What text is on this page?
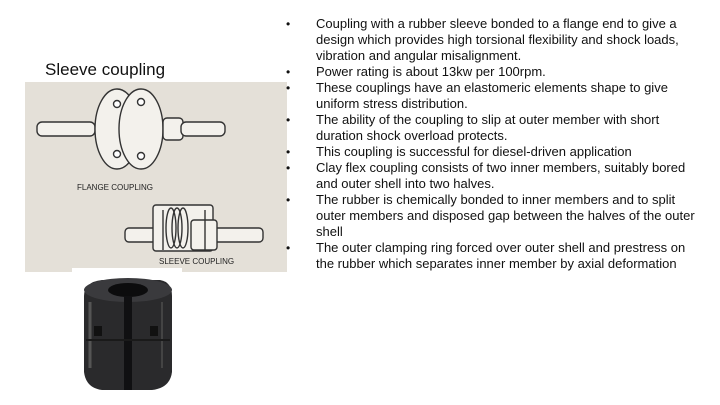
Sleeve coupling
FLANGE COUPLING
SLEEVE COUPLING
• Coupling with a rubber sleeve bonded to a flange end to give a design which provides high torsional flexibility and shock loads, vibration and angular misalignment.
• Power rating is about 13kw per 100rpm.
• These couplings have an elastomeric elements shape to give uniform stress distribution.
• The ability of the coupling to slip at outer member with short duration shock overload protects.
• This coupling is successful for diesel-driven application
• Clay flex coupling consists of two inner members, suitably bored and outer shell into two halves.
• The rubber is chemically bonded to inner members and to split outer members and disposed gap between the halves of the outer shell
• The outer clamping ring forced over outer shell and prestress on the rubber which separates inner member by axial deformation
